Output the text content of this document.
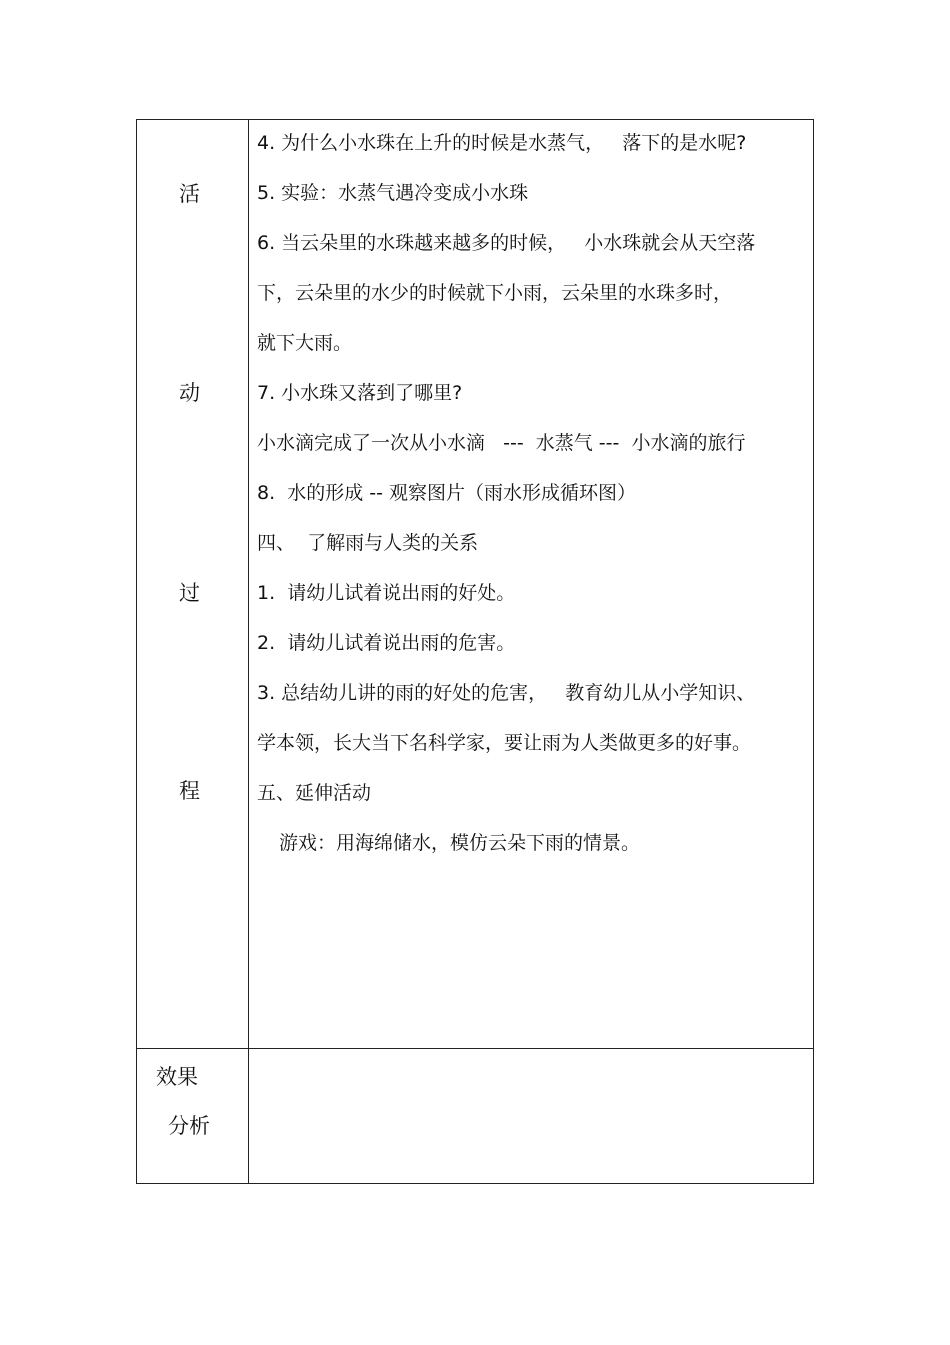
活
动
过
程
4. 为什么小水珠在上升的时候是水蒸气，   落下的是水呢?
5. 实验：水蒸气遇冷变成小水珠
6. 当云朵里的水珠越来越多的时候，   小水珠就会从天空落
下，云朵里的水少的时候就下小雨，云朵里的水珠多时，
就下大雨。
7. 小水珠又落到了哪里?
小水滴完成了一次从小水滴   ---  水蒸气 ---  小水滴的旅行
8.  水的形成 -- 观察图片（雨水形成循环图）
四、  了解雨与人类的关系
1.  请幼儿试着说出雨的好处。
2.  请幼儿试着说出雨的危害。
3. 总结幼儿讲的雨的好处的危害，   教育幼儿从小学知识、
学本领，长大当下名科学家，要让雨为人类做更多的好事。
五、延伸活动
游戏：用海绵储水，模仿云朵下雨的情景。
效果
分析
